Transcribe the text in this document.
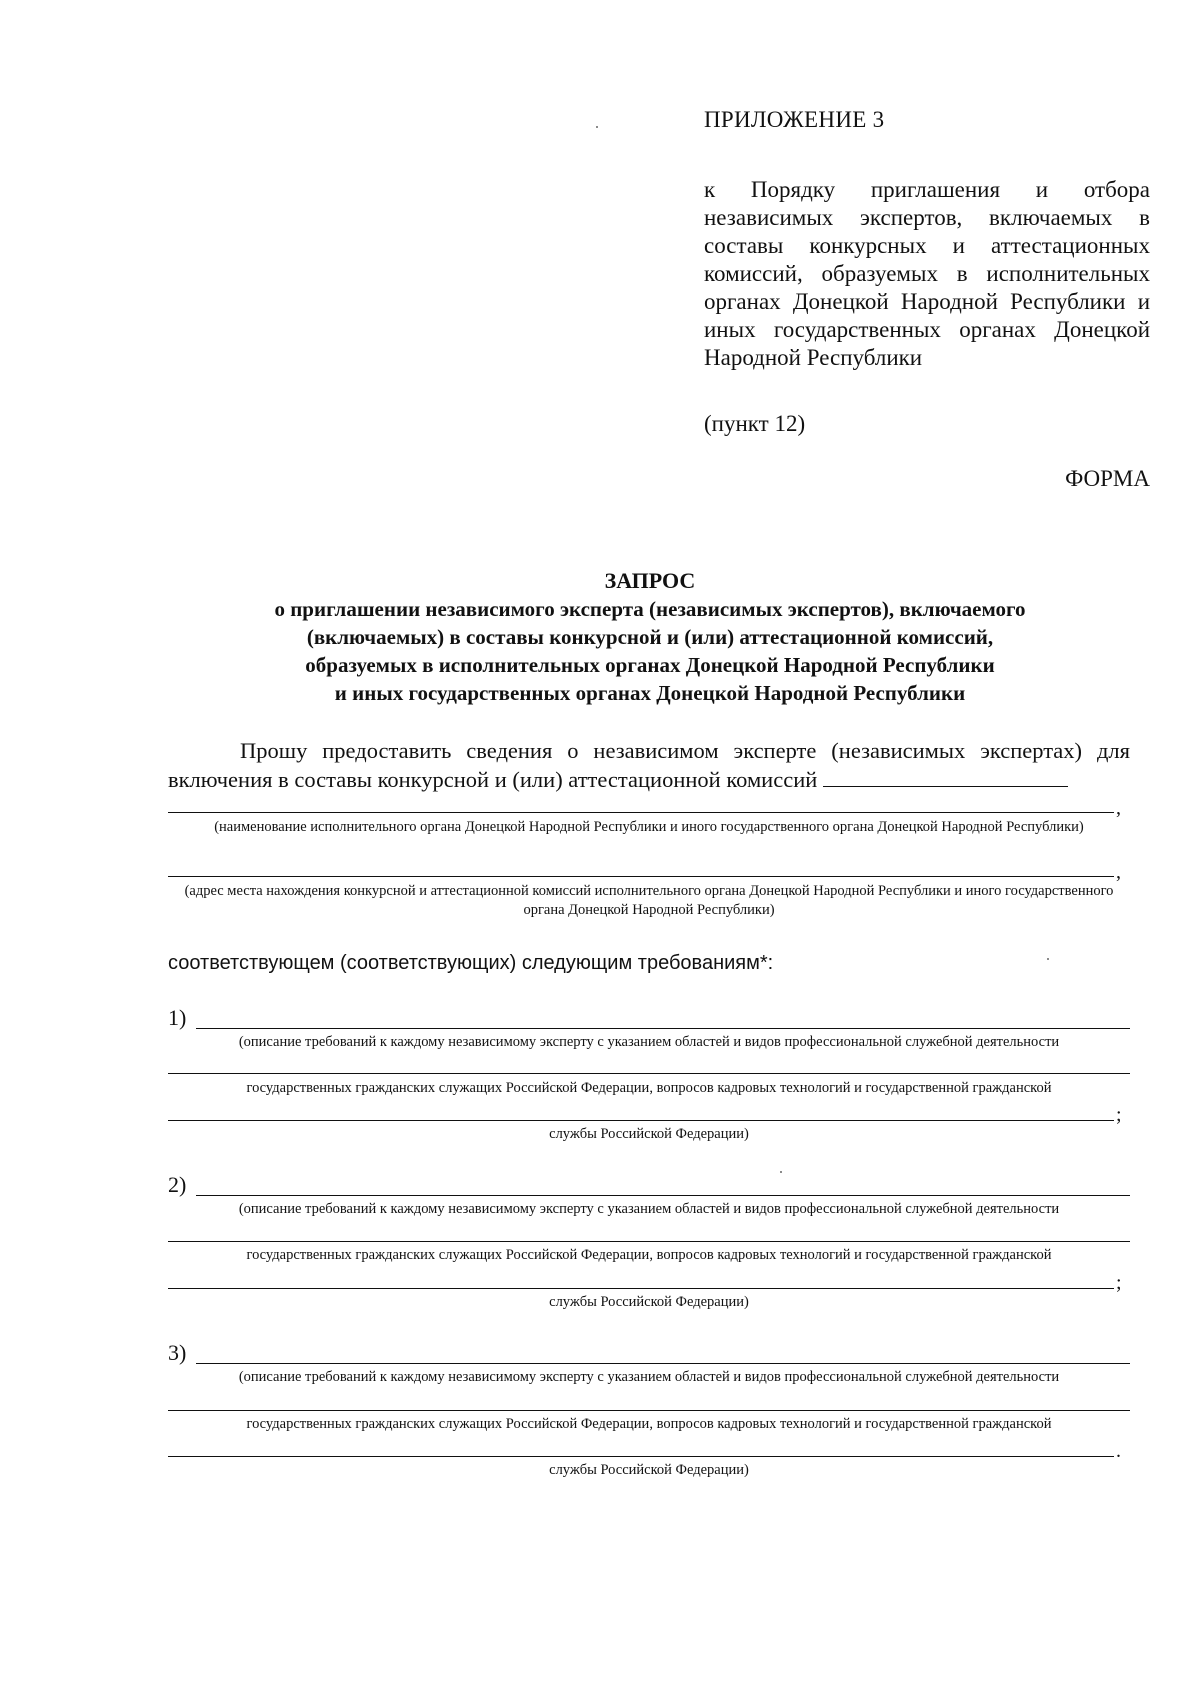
ПРИЛОЖЕНИЕ 3
к Порядку приглашения и отбора независимых экспертов, включаемых в составы конкурсных и аттестационных комиссий, образуемых в исполнительных органах Донецкой Народной Республики и иных государственных органах Донецкой Народной Республики
(пункт 12)
ФОРМА
ЗАПРОС
о приглашении независимого эксперта (независимых экспертов), включаемого
(включаемых) в составы конкурсной и (или) аттестационной комиссий,
образуемых в исполнительных органах Донецкой Народной Республики
и иных государственных органах Донецкой Народной Республики

Прошу предоставить сведения о независимом эксперте (независимых экспертах) для включения в составы конкурсной и (или) аттестационной комиссий

,
(наименование исполнительного органа Донецкой Народной Республики и иного государственного органа Донецкой Народной Республики)
,
(адрес места нахождения конкурсной и аттестационной комиссий исполнительного органа Донецкой Народной Республики и иного государственного органа Донецкой Народной Республики)
соответствующем (соответствующих) следующим требованиям*:
1)
(описание требований к каждому независимому эксперту с указанием областей и видов профессиональной служебной деятельности
государственных гражданских служащих Российской Федерации, вопросов кадровых технологий и государственной гражданской
;
службы Российской Федерации)
2)
(описание требований к каждому независимому эксперту с указанием областей и видов профессиональной служебной деятельности
государственных гражданских служащих Российской Федерации, вопросов кадровых технологий и государственной гражданской
;
службы Российской Федерации)
3)
(описание требований к каждому независимому эксперту с указанием областей и видов профессиональной служебной деятельности
государственных гражданских служащих Российской Федерации, вопросов кадровых технологий и государственной гражданской
.
службы Российской Федерации)
